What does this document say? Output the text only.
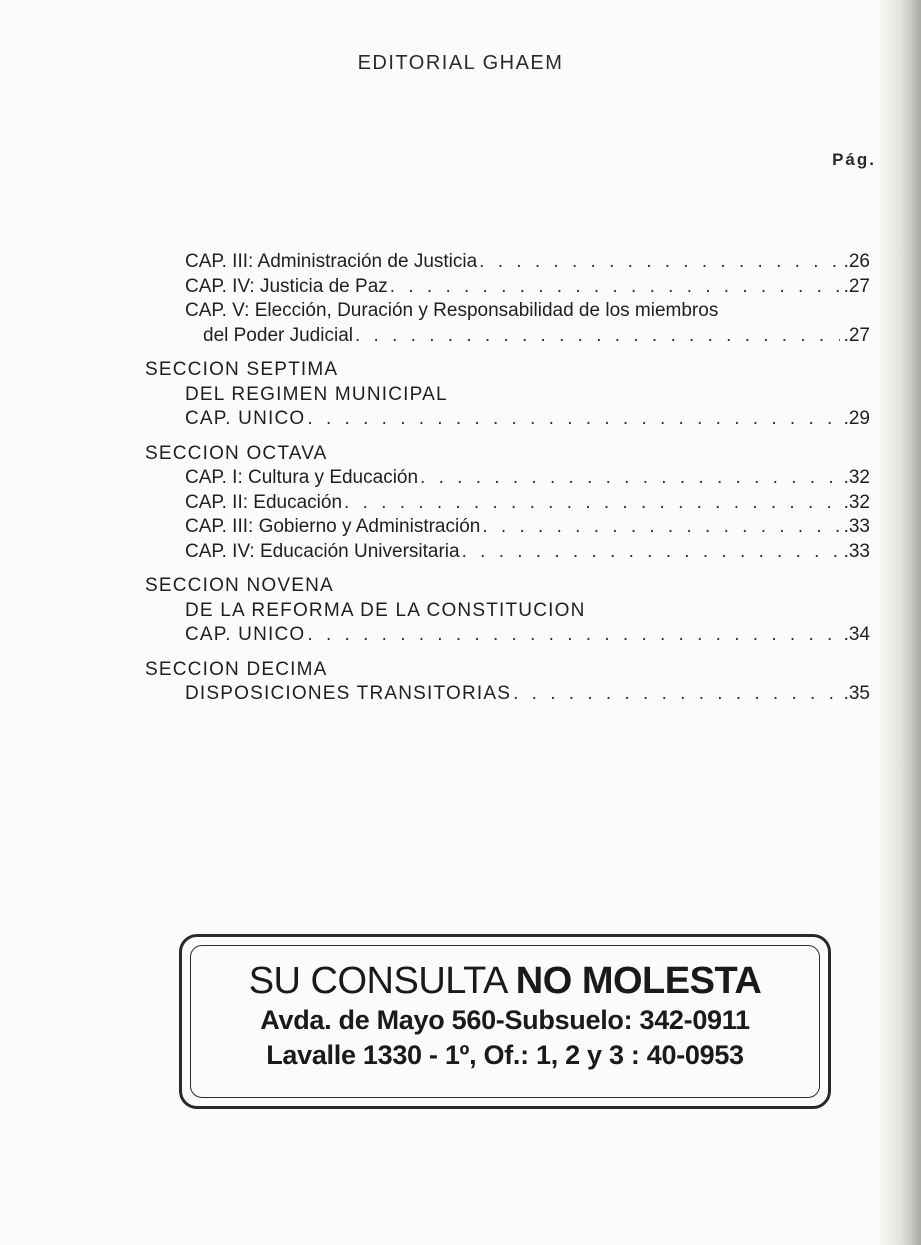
EDITORIAL GHAEM
Pág.
CAP. III: Administración de Justicia . . .	.26
CAP. IV: Justicia de Paz . . .	.27
CAP. V: Elección, Duración y Responsabilidad de los miembros
del Poder Judicial . . .	.27
SECCION SEPTIMA
DEL REGIMEN MUNICIPAL
CAP. UNICO . . .	.29
SECCION OCTAVA
CAP. I: Cultura y Educación . . .	.32
CAP. II: Educación . . .	.32
CAP. III: Gobierno y Administración . . .	.33
CAP. IV: Educación Universitaria . . .	.33
SECCION NOVENA
DE LA REFORMA DE LA CONSTITUCION
CAP. UNICO . . .	.34
SECCION DECIMA
DISPOSICIONES TRANSITORIAS . . .	.35
SU CONSULTA NO MOLESTA
Avda. de Mayo 560-Subsuelo: 342-0911
Lavalle 1330 - 1º, Of.: 1, 2 y 3 : 40-0953
